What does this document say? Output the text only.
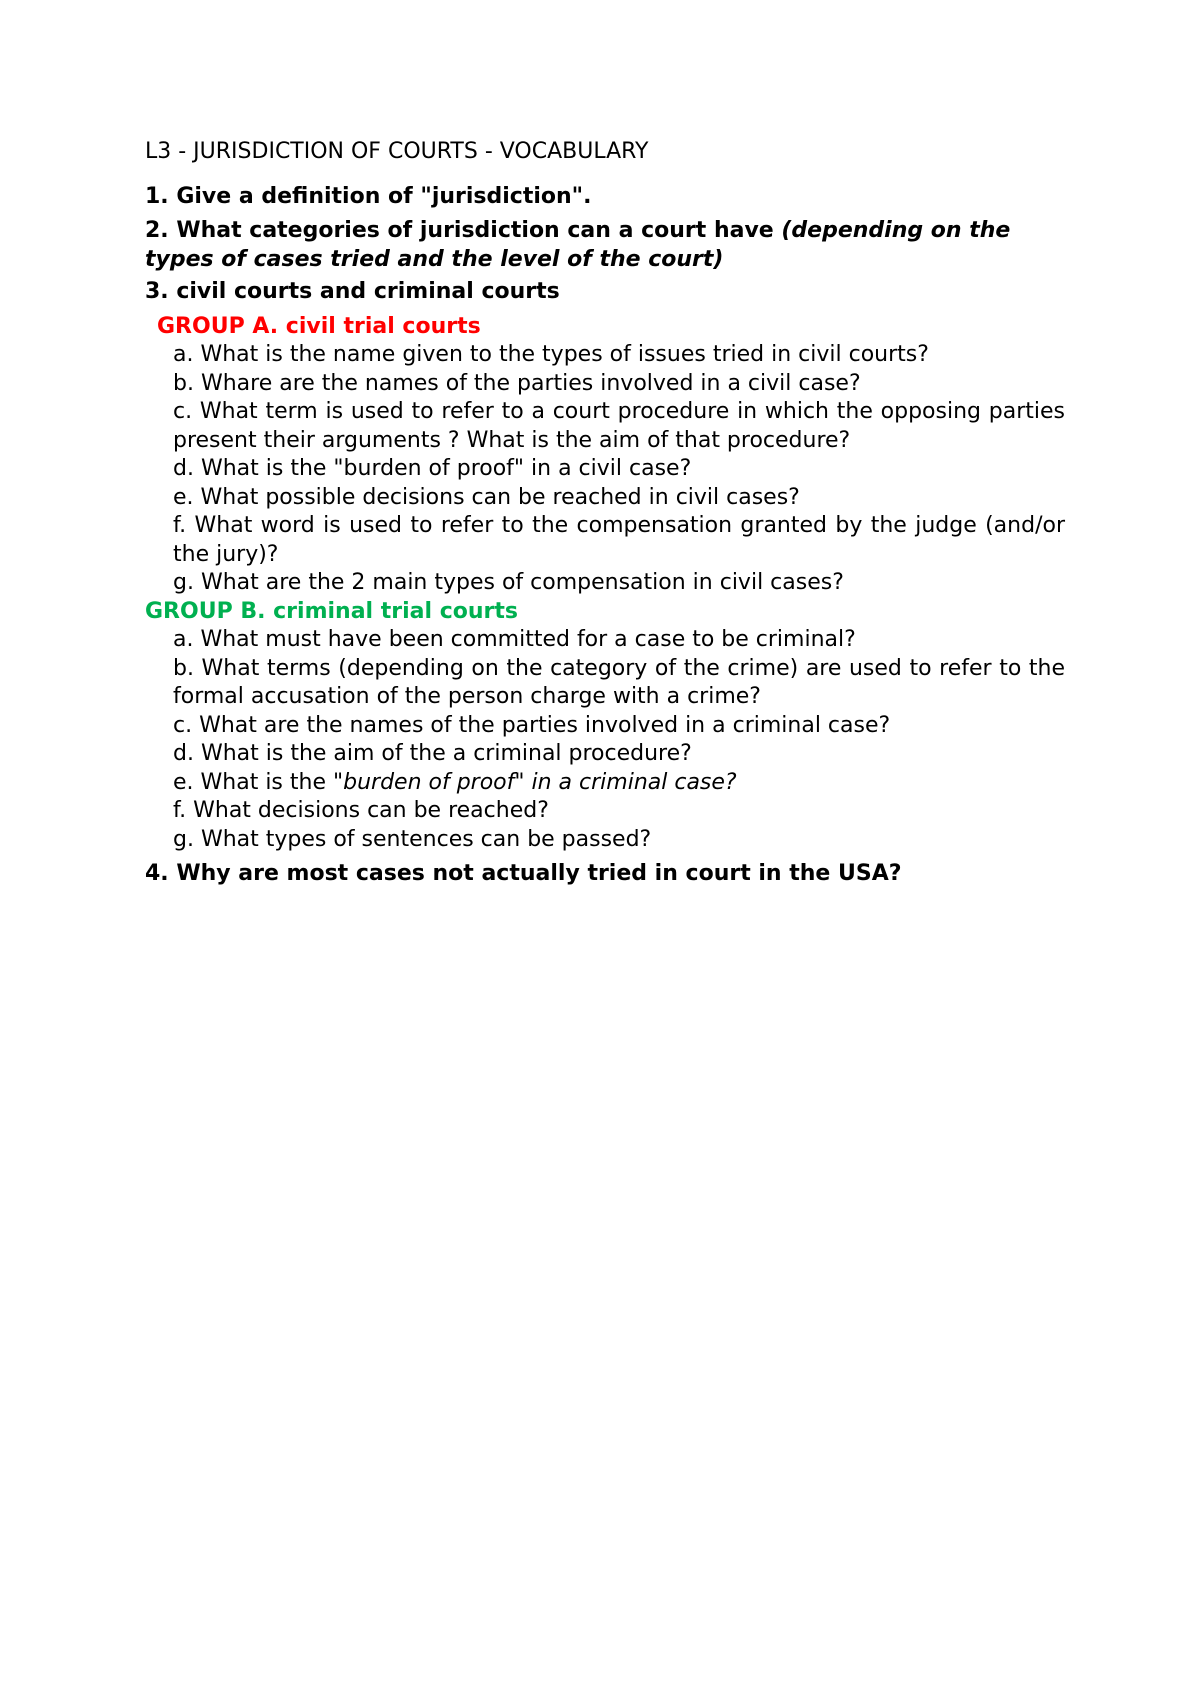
L3 - JURISDICTION OF COURTS - VOCABULARY
1. Give a definition of "jurisdiction".
2. What categories of jurisdiction can a court have (depending on the types of cases tried and the level of the court)
3. civil courts and criminal courts
GROUP A. civil trial courts
a. What is the name given to the types of issues tried in civil courts?
b. Whare are the names of the parties involved in a civil case?
c. What term is used to refer to a court procedure in which the opposing parties present their arguments ? What is the aim of that procedure?
d. What is the "burden of proof" in a civil case?
e. What possible decisions can be reached in civil cases?
f. What word is used to refer to the compensation granted by the judge (and/or the jury)?
g. What are the 2 main types of compensation in civil cases?
GROUP B. criminal trial courts
a. What must have been committed for a case to be criminal?
b. What terms (depending on the category of the crime) are used to refer to the formal accusation of the person charge with a crime?
c. What are the names of the parties involved in a criminal case?
d. What is the aim of the a criminal procedure?
e. What is the "burden of proof" in a criminal case?
f. What decisions can be reached?
g. What types of sentences can be passed?
4. Why are most cases not actually tried in court in the USA?
